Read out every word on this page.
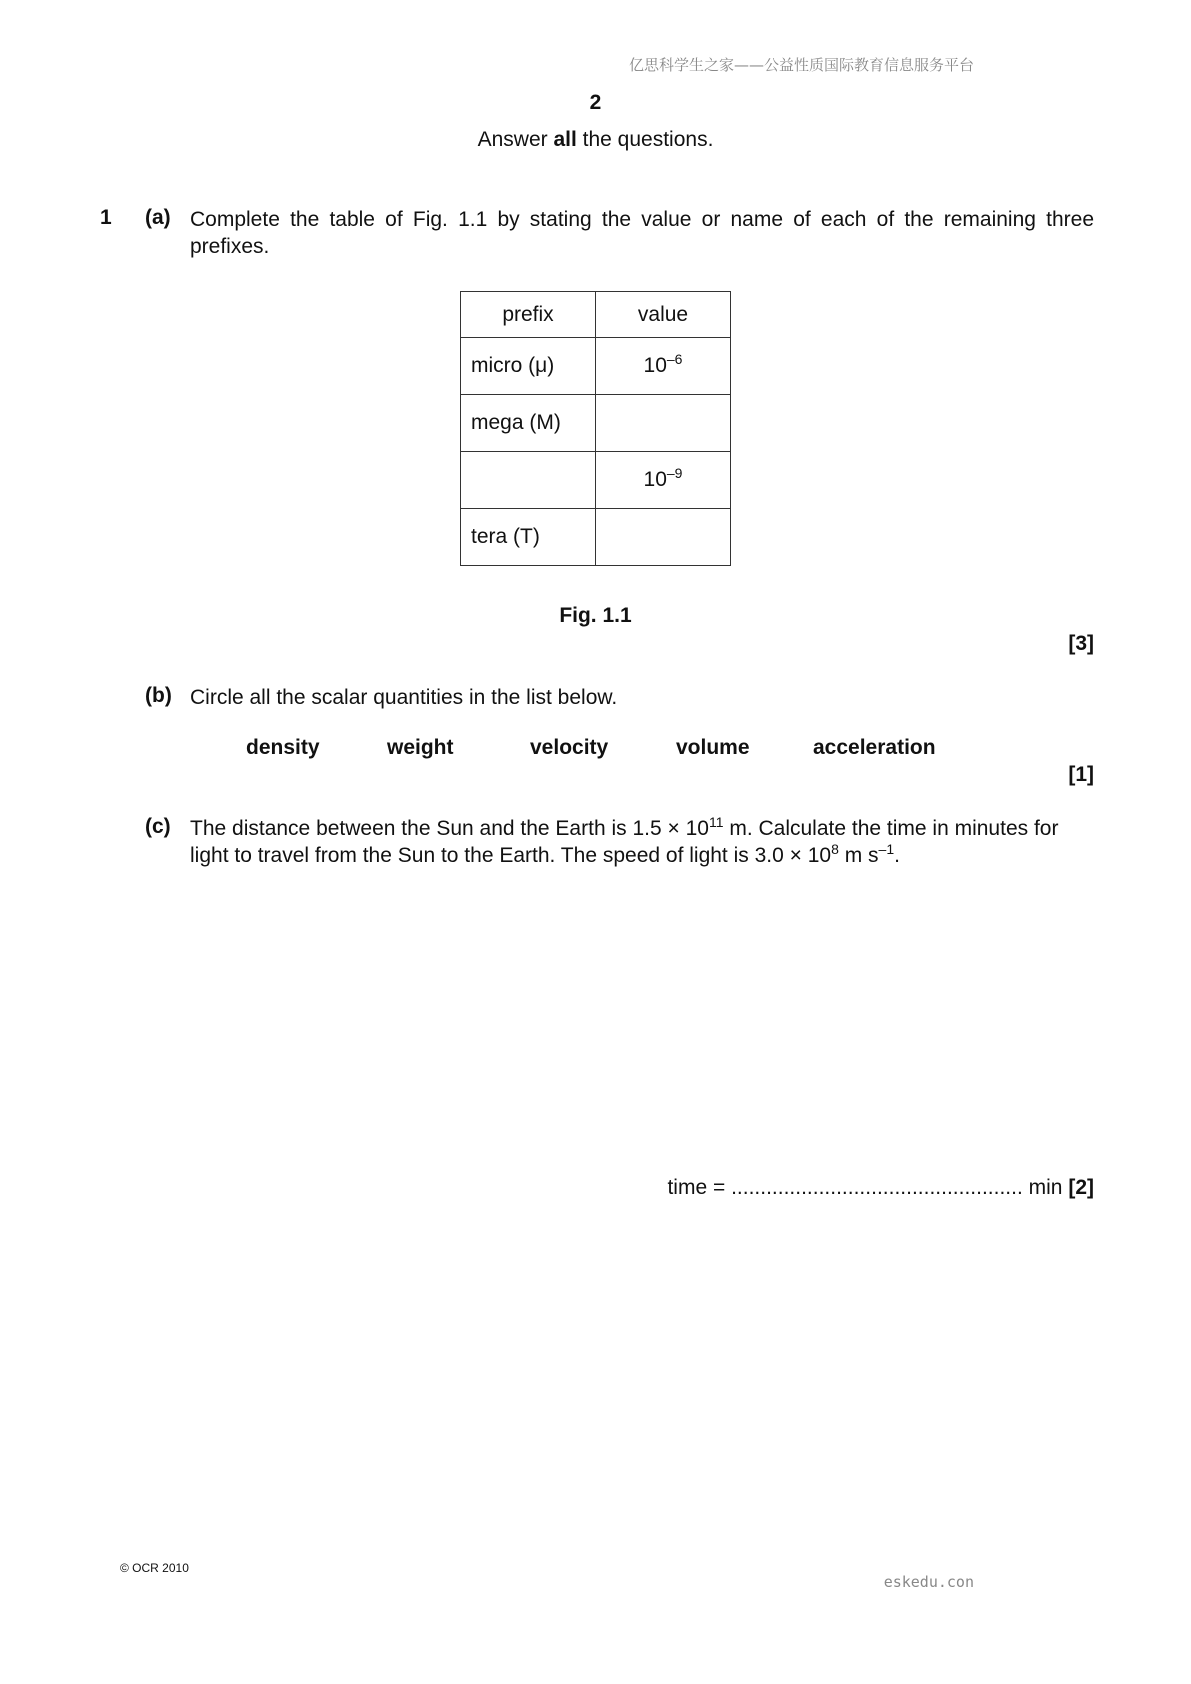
亿思科学生之家——公益性质国际教育信息服务平台
2
Answer all the questions.
1 (a) Complete the table of Fig. 1.1 by stating the value or name of each of the remaining three prefixes.
prefix	value
micro (μ)	$10^{-6}$
mega (M)	
	$10^{-9}$
tera (T)	
Fig. 1.1
[3]
(b) Circle all the scalar quantities in the list below.
density	weight	velocity	volume	acceleration
[1]
(c) The distance between the Sun and the Earth is $1.5 \times 10^{11}$ m. Calculate the time in minutes for
light to travel from the Sun to the Earth. The speed of light is $3.0 \times 10^8$ m $s^{-1}$.
time = .................................................. min [2]
© OCR 2010
eskedu.con
